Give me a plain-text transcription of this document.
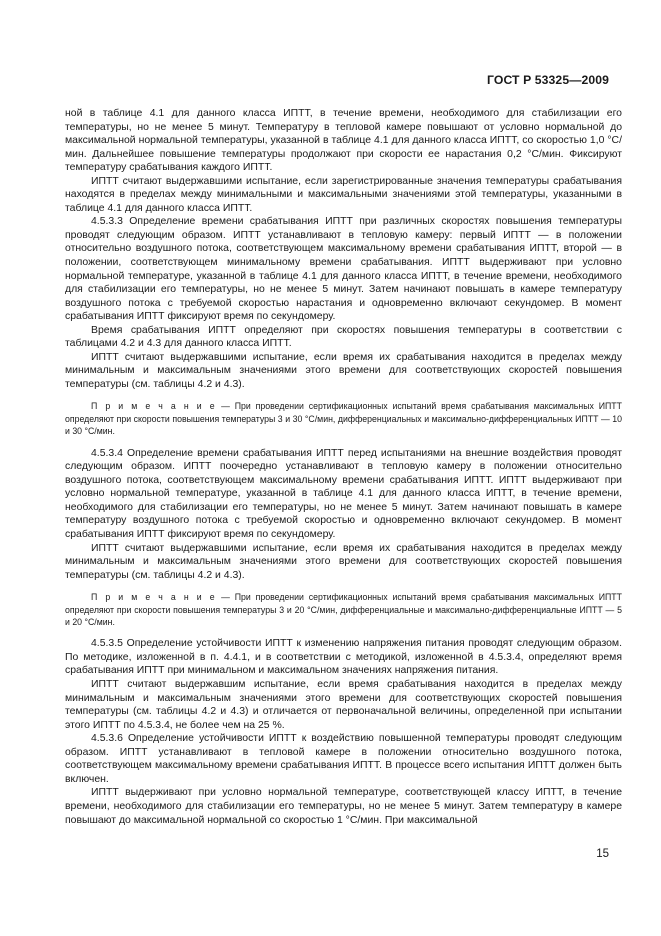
ГОСТ Р 53325—2009

ной в таблице 4.1 для данного класса ИПТТ, в течение времени, необходимого для стабилизации его температуры, но не менее 5 минут. Температуру в тепловой камере повышают от условно нормальной до максимальной нормальной температуры, указанной в таблице 4.1 для данного класса ИПТТ, со скоростью 1,0 °С/мин. Дальнейшее повышение температуры продолжают при скорости ее нарастания 0,2 °С/мин. Фиксируют температуру срабатывания каждого ИПТТ.

ИПТТ считают выдержавшими испытание, если зарегистрированные значения температуры срабатывания находятся в пределах между минимальными и максимальными значениями этой температуры, указанными в таблице 4.1 для данного класса ИПТТ.

4.5.3.3 Определение времени срабатывания ИПТТ при различных скоростях повышения температуры проводят следующим образом. ИПТТ устанавливают в тепловую камеру: первый ИПТТ — в положении относительно воздушного потока, соответствующем максимальному времени срабатывания ИПТТ, второй — в положении, соответствующем минимальному времени срабатывания. ИПТТ выдерживают при условно нормальной температуре, указанной в таблице 4.1 для данного класса ИПТТ, в течение времени, необходимого для стабилизации его температуры, но не менее 5 минут. Затем начинают повышать в камере температуру воздушного потока с требуемой скоростью нарастания и одновременно включают секундомер. В момент срабатывания ИПТТ фиксируют время по секундомеру.

Время срабатывания ИПТТ определяют при скоростях повышения температуры в соответствии с таблицами 4.2 и 4.3 для данного класса ИПТТ.

ИПТТ считают выдержавшими испытание, если время их срабатывания находится в пределах между минимальным и максимальным значениями этого времени для соответствующих скоростей повышения температуры (см. таблицы 4.2 и 4.3).

П р и м е ч а н и е — При проведении сертификационных испытаний время срабатывания максимальных ИПТТ определяют при скорости повышения температуры 3 и 30 °С/мин, дифференциальных и максимально-дифференциальных ИПТТ — 10 и 30 °С/мин.

4.5.3.4 Определение времени срабатывания ИПТТ перед испытаниями на внешние воздействия проводят следующим образом. ИПТТ поочередно устанавливают в тепловую камеру в положении относительно воздушного потока, соответствующем максимальному времени срабатывания ИПТТ. ИПТТ выдерживают при условно нормальной температуре, указанной в таблице 4.1 для данного класса ИПТТ, в течение времени, необходимого для стабилизации его температуры, но не менее 5 минут. Затем начинают повышать в камере температуру воздушного потока с требуемой скоростью и одновременно включают секундомер. В момент срабатывания ИПТТ фиксируют время по секундомеру.

ИПТТ считают выдержавшими испытание, если время их срабатывания находится в пределах между минимальным и максимальным значениями этого времени для соответствующих скоростей повышения температуры (см. таблицы 4.2 и 4.3).

П р и м е ч а н и е — При проведении сертификационных испытаний время срабатывания максимальных ИПТТ определяют при скорости повышения температуры 3 и 20 °С/мин, дифференциальные и максимально-дифференциальные ИПТТ — 5 и 20 °С/мин.

4.5.3.5 Определение устойчивости ИПТТ к изменению напряжения питания проводят следующим образом. По методике, изложенной в п. 4.4.1, и в соответствии с методикой, изложенной в 4.5.3.4, определяют время срабатывания ИПТТ при минимальном и максимальном значениях напряжения питания.

ИПТТ считают выдержавшим испытание, если время срабатывания находится в пределах между минимальным и максимальным значениями этого времени для соответствующих скоростей повышения температуры (см. таблицы 4.2 и 4.3) и отличается от первоначальной величины, определенной при испытании этого ИПТТ по 4.5.3.4, не более чем на 25 %.

4.5.3.6 Определение устойчивости ИПТТ к воздействию повышенной температуры проводят следующим образом. ИПТТ устанавливают в тепловой камере в положении относительно воздушного потока, соответствующем максимальному времени срабатывания ИПТТ. В процессе всего испытания ИПТТ должен быть включен.

ИПТТ выдерживают при условно нормальной температуре, соответствующей классу ИПТТ, в течение времени, необходимого для стабилизации его температуры, но не менее 5 минут. Затем температуру в камере повышают до максимальной нормальной со скоростью 1 °С/мин. При максимальной

15
